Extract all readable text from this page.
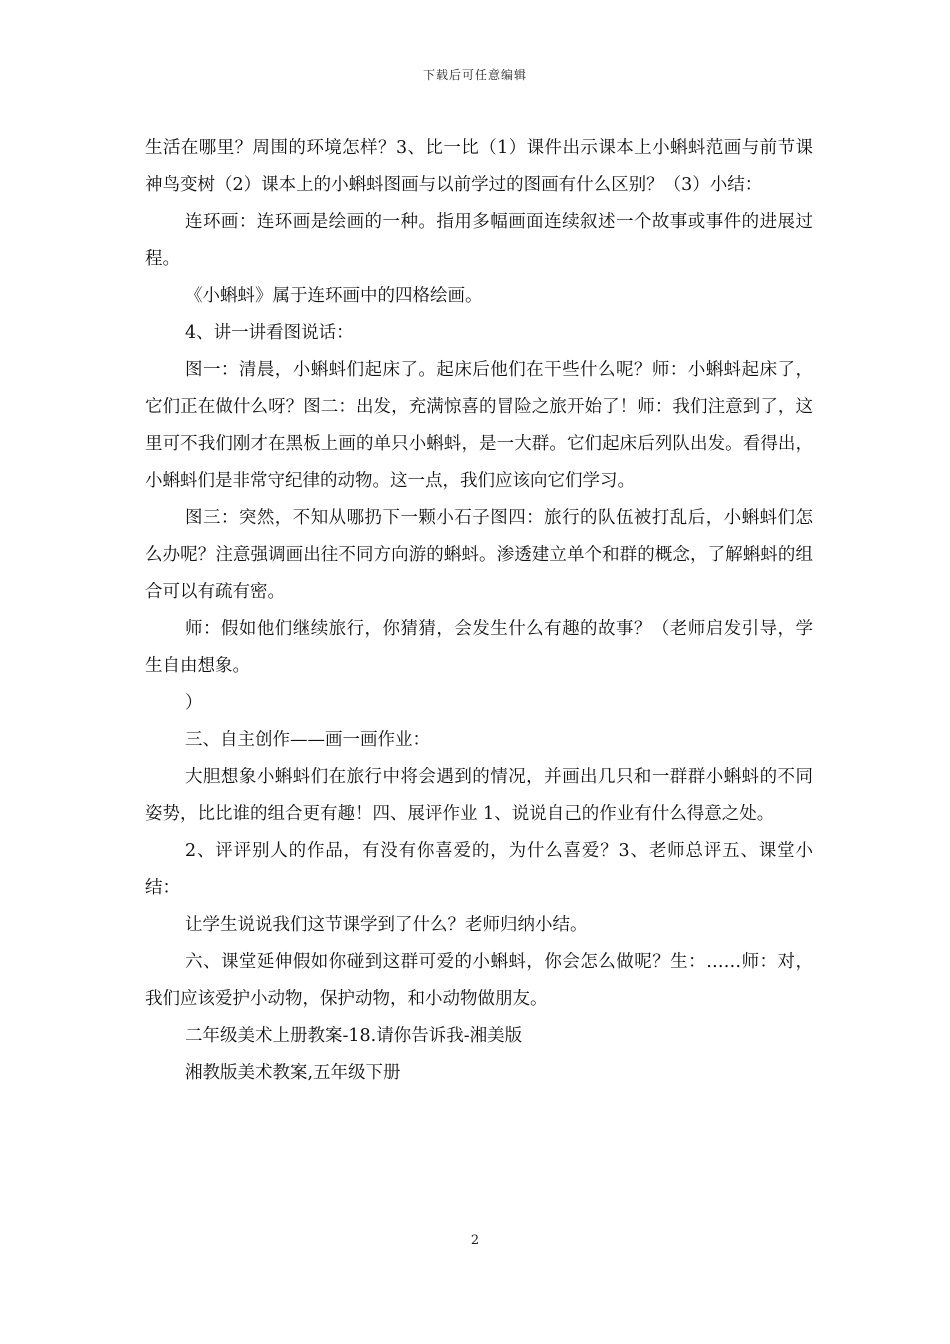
下载后可任意编辑

生活在哪里？周围的环境怎样？3、比一比（1）课件出示课本上小蝌蚪范画与前节课神鸟变树（2）课本上的小蝌蚪图画与以前学过的图画有什么区别？（3）小结：

连环画：连环画是绘画的一种。指用多幅画面连续叙述一个故事或事件的进展过程。

《小蝌蚪》属于连环画中的四格绘画。

4、讲一讲看图说话：

图一：清晨，小蝌蚪们起床了。起床后他们在干些什么呢？师：小蝌蚪起床了，它们正在做什么呀？图二：出发，充满惊喜的冒险之旅开始了！师：我们注意到了，这里可不我们刚才在黑板上画的单只小蝌蚪，是一大群。它们起床后列队出发。看得出，小蝌蚪们是非常守纪律的动物。这一点，我们应该向它们学习。

图三：突然，不知从哪扔下一颗小石子图四：旅行的队伍被打乱后，小蝌蚪们怎么办呢？注意强调画出往不同方向游的蝌蚪。渗透建立单个和群的概念，了解蝌蚪的组合可以有疏有密。

师：假如他们继续旅行，你猜猜，会发生什么有趣的故事？（老师启发引导，学生自由想象。

）

三、自主创作——画一画作业：

大胆想象小蝌蚪们在旅行中将会遇到的情况，并画出几只和一群群小蝌蚪的不同姿势，比比谁的组合更有趣！四、展评作业 1、说说自己的作业有什么得意之处。

2、评评别人的作品，有没有你喜爱的，为什么喜爱？3、老师总评五、课堂小结：

让学生说说我们这节课学到了什么？老师归纳小结。

六、课堂延伸假如你碰到这群可爱的小蝌蚪，你会怎么做呢？生：……师：对，我们应该爱护小动物，保护动物，和小动物做朋友。

二年级美术上册教案-18.请你告诉我-湘美版

湘教版美术教案,五年级下册

2
